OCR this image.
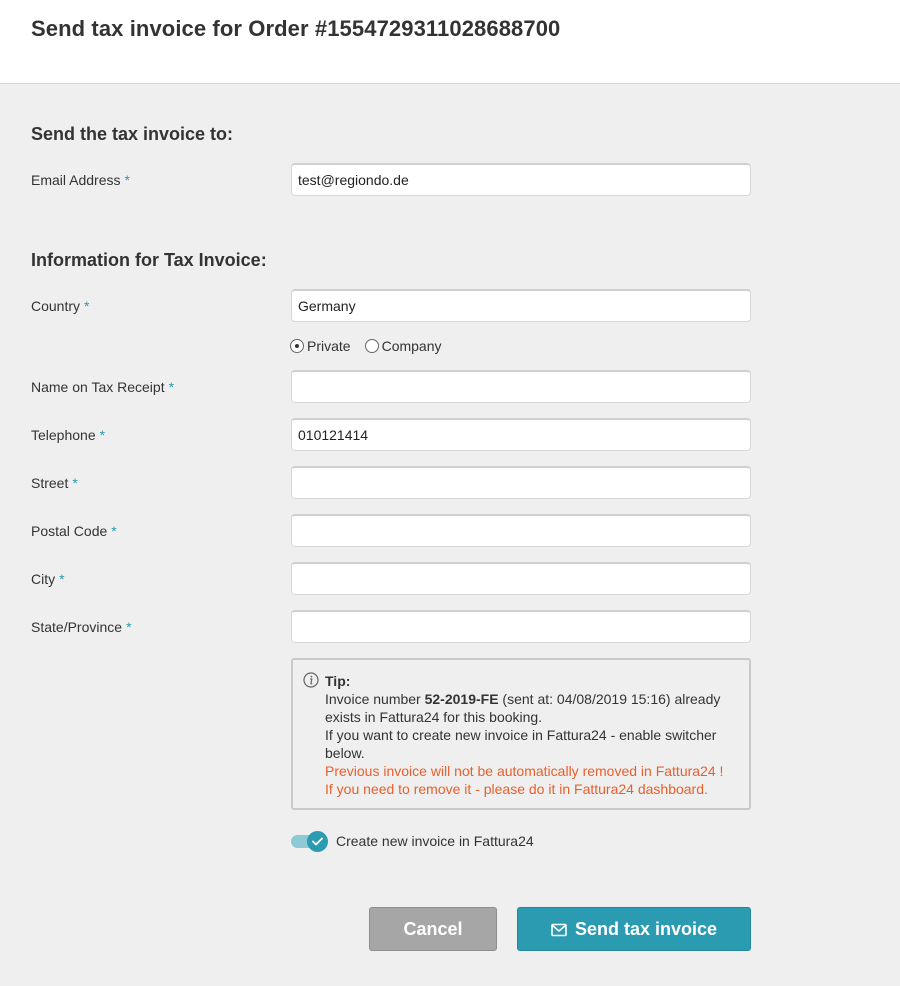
Send tax invoice for Order #1554729311028688700
Send the tax invoice to:
Email Address *
test@regiondo.de
Information for Tax Invoice:
Country *
Germany
Private Company
Name on Tax Receipt *
Telephone *
010121414
Street *
Postal Code *
City *
State/Province *
Tip:
Invoice number 52-2019-FE (sent at: 04/08/2019 15:16) already exists in Fattura24 for this booking.
If you want to create new invoice in Fattura24 - enable switcher below.
Previous invoice will not be automatically removed in Fattura24 !
If you need to remove it - please do it in Fattura24 dashboard.
Create new invoice in Fattura24
Cancel	Send tax invoice
